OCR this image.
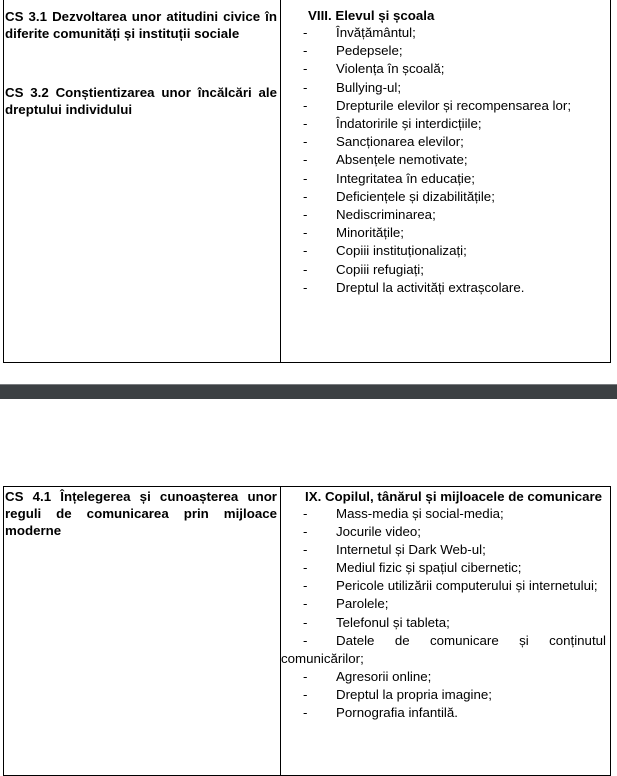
CS 3.1 Dezvoltarea unor atitudini civice în diferite comunități și instituții sociale
CS 3.2 Conștientizarea unor încălcări ale dreptului individului
VIII. Elevul și școala
- Învățământul;
- Pedepsele;
- Violența în școală;
- Bullying-ul;
- Drepturile elevilor și recompensarea lor;
- Îndatoririle și interdicțiile;
- Sancționarea elevilor;
- Absențele nemotivate;
- Integritatea în educație;
- Deficiențele și dizabilitățile;
- Nediscriminarea;
- Minoritățile;
- Copiii instituționalizați;
- Copiii refugiați;
- Dreptul la activități extrașcolare.
CS 4.1 Înțelegerea și cunoașterea unor reguli de comunicarea prin mijloace moderne
IX. Copilul, tânărul și mijloacele de comunicare
- Mass-media și social-media;
- Jocurile video;
- Internetul și Dark Web-ul;
- Mediul fizic și spațiul cibernetic;
- Pericole utilizării computerului și internetului;
- Parolele;
- Telefonul și tableta;
- Datele de comunicare și conținutul comunicărilor;
- Agresorii online;
- Dreptul la propria imagine;
- Pornografia infantilă.
